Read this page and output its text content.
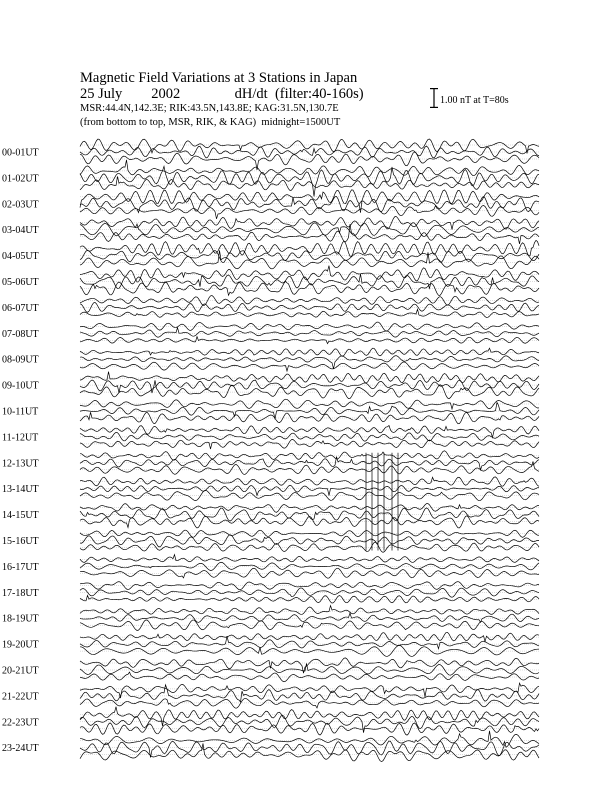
Magnetic Field Variations at 3 Stations in Japan
25 July 2002	dH/dt (filter:40-160s)
MSR:44.4N,142.3E; RIK:43.5N,143.8E; KAG:31.5N,130.7E
(from bottom to top, MSR, RIK, & KAG)  midnight=1500UT
1.00 nT at T=80s
00-01UT
01-02UT
02-03UT
03-04UT
04-05UT
05-06UT
06-07UT
07-08UT
08-09UT
09-10UT
10-11UT
11-12UT
12-13UT
13-14UT
14-15UT
15-16UT
16-17UT
17-18UT
18-19UT
19-20UT
20-21UT
21-22UT
22-23UT
23-24UT
